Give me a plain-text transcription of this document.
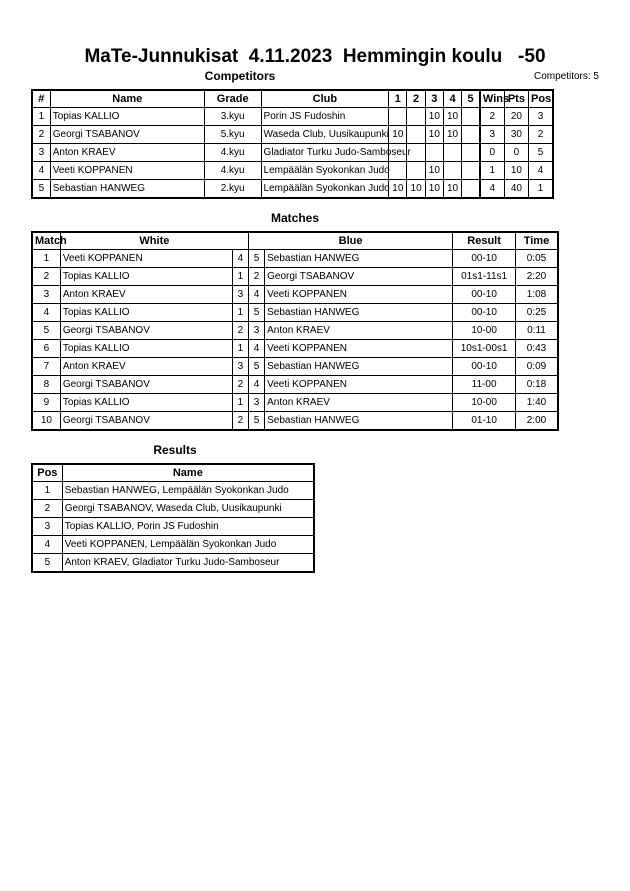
MaTe-Junnukisat  4.11.2023  Hemmingin koulu   -50
Competitors	Competitors: 5
#	Name	Grade	Club	1	2	3	4	5	Wins	Pts	Pos
1	Topias KALLIO	3.kyu	Porin JS Fudoshin			10	10		2	20	3
2	Georgi TSABANOV	5.kyu	Waseda Club, Uusikaupunki	10		10	10		3	30	2
3	Anton KRAEV	4.kyu	Gladiator Turku Judo-Samboseur						0	0	5
4	Veeti KOPPANEN	4.kyu	Lempäälän Syokonkan Judo			10			1	10	4
5	Sebastian HANWEG	2.kyu	Lempäälän Syokonkan Judo	10	10	10	10		4	40	1
Matches
Match	White		Blue		Result	Time
1	Veeti KOPPANEN	4	5	Sebastian HANWEG	00-10	0:05
2	Topias KALLIO	1	2	Georgi TSABANOV	01s1-11s1	2:20
3	Anton KRAEV	3	4	Veeti KOPPANEN	00-10	1:08
4	Topias KALLIO	1	5	Sebastian HANWEG	00-10	0:25
5	Georgi TSABANOV	2	3	Anton KRAEV	10-00	0:11
6	Topias KALLIO	1	4	Veeti KOPPANEN	10s1-00s1	0:43
7	Anton KRAEV	3	5	Sebastian HANWEG	00-10	0:09
8	Georgi TSABANOV	2	4	Veeti KOPPANEN	11-00	0:18
9	Topias KALLIO	1	3	Anton KRAEV	10-00	1:40
10	Georgi TSABANOV	2	5	Sebastian HANWEG	01-10	2:00
Results
Pos	Name
1	Sebastian HANWEG, Lempäälän Syokonkan Judo
2	Georgi TSABANOV, Waseda Club, Uusikaupunki
3	Topias KALLIO, Porin JS Fudoshin
4	Veeti KOPPANEN, Lempäälän Syokonkan Judo
5	Anton KRAEV, Gladiator Turku Judo-Samboseur
